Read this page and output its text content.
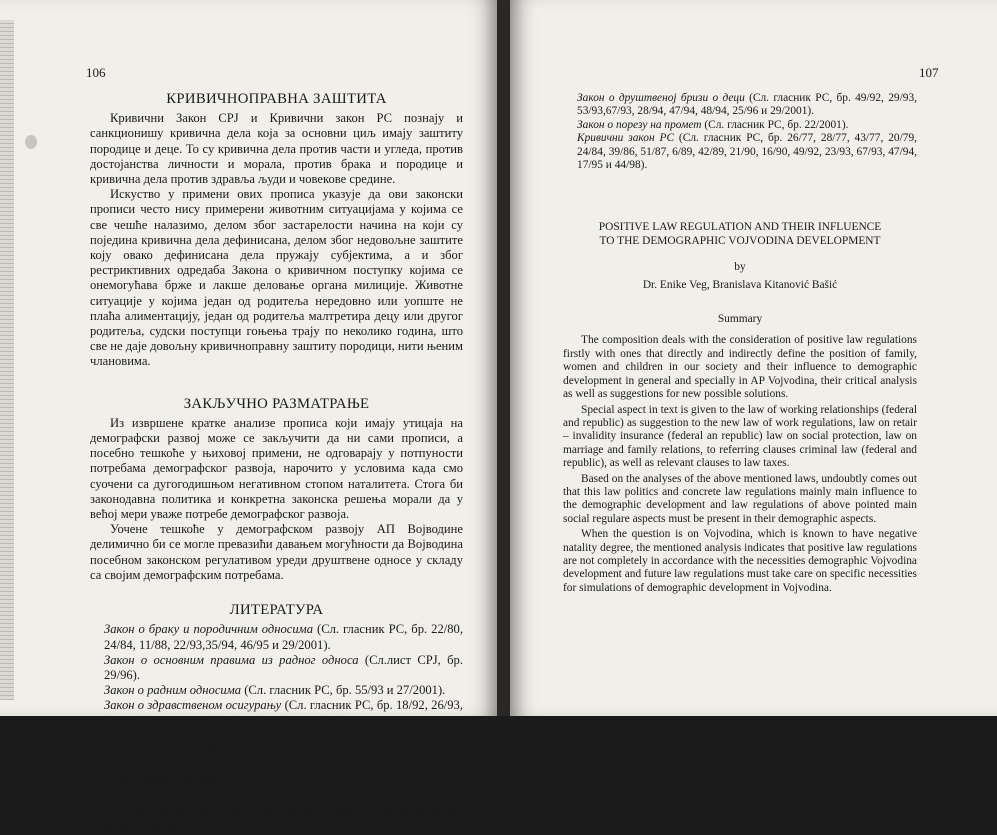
106
КРИВИЧНОПРАВНА ЗАШТИТА

Кривични Закон СРЈ и Кривични закон РС познају и санкционишу кривична дела која за основни циљ имају заштиту породице и деце. То су кривична дела против части и угледа, против достојанства личности и морала, против брака и породице и кривична дела против здравља људи и човекове средине.

Искуство у примени ових прописа указује да ови законски прописи често нису примерени животним ситуацијама у којима се све чешће налазимо, делом због застарелости начина на који су поједина кривична дела дефинисана, делом због недовољне заштите коју овако дефинисана дела пружају субјектима, а и због рестриктивних одредаба Закона о кривичном поступку којима се онемогућава брже и лакше деловање органа милиције. Животне ситуације у којима један од родитеља нередовно или уопште не плаћа алиментацију, један од родитеља малтретира децу или другог родитеља, судски поступци гоњења трају по неколико година, што све не даје довољну кривичноправну заштиту породици, нити њеним члановима.

ЗАКЉУЧНО РАЗМАТРАЊЕ

Из извршене кратке анализе прописа који имају утицаја на демографски развој може се закључити да ни сами прописи, а посебно тешкоће у њиховој примени, не одговарају у потпуности потребама демографског развоја, нарочито у условима када смо суочени са дугогодишњом негативном стопом наталитета. Стога би законодавна политика и конкретна законска решења морали да у већој мери уваже потребе демографског развоја.

Уочене тешкоће у демографском развоју АП Војводине делимично би се могле превазићи давањем могућности да Војводина посебном законском регулативом уреди друштвене односе у складу са својим демографским потребама.

ЛИТЕРАТУРА

Закон о браку и породичним односима (Сл. гласник РС, бр. 22/80, 24/84, 11/88, 22/93,35/94, 46/95 и 29/2001).

Закон о основним правима из радног односа (Сл.лист СРЈ, бр. 29/96).

Закон о радним односима (Сл. гласник РС, бр. 55/93 и 27/2001).

Закон о здравственом осигурању (Сл. гласник РС, бр. 18/92, 26/93, 53/93, 67/93, 48/94, 25/96, 44/98, 54/99 и 29/2001).

Закон о основама пензијског и инвалидског осигурања (Сл. лист СРЈ, бр. 30/96 и 58/98).

Закон о пензијском и инвалидском осигурању (Сл. гласник РС, бр. 52/96, 46/98 и 29/2001).

Закон о запошљавању и остваривању права незапослених лица (Сл. гласник РС, бр. 22/92, 73/92, 82/92 и 53/93, 67/93,34/94, 52/96, 46/98 и 39/2001).

107

Закон о друштвеној бризи о деци (Сл. гласник РС, бр. 49/92, 29/93, 53/93,67/93, 28/94, 47/94, 48/94, 25/96 и 29/2001).

Закон о порезу на промет (Сл. гласник РС, бр. 22/2001).

Кривични закон РС (Сл. гласник РС, бр. 26/77, 28/77, 43/77, 20/79, 24/84, 39/86, 51/87, 6/89, 42/89, 21/90, 16/90, 49/92, 23/93, 67/93, 47/94, 17/95 и 44/98).

POSITIVE LAW REGULATION AND THEIR INFLUENCE
TO THE DEMOGRAPHIC VOJVODINA DEVELOPMENT
by
Dr. Enike Veg, Branislava Kitanović Bašić
Summary

The composition deals with the consideration of positive law regulations firstly with ones that directly and indirectly define the position of family, women and children in our society and their influence to demographic development in general and specially in AP Vojvodina, their critical analysis as well as suggestions for new possible solutions.

Special aspect in text is given to the law of working relationships (federal and republic) as suggestion to the new law of work regulations, law on retair – invalidity insurance (federal an republic) law on social protection, law on marriage and family relations, to referring clauses criminal law (federal and republic), as well as relevant clauses to law taxes.

Based on the analyses of the above mentioned laws, undoubtly comes out that this law politics and concrete law regulations mainly main influence to the demographic development and law regulations of above pointed main social regulare aspects must be present in their demographic aspects.

When the question is on Vojvodina, which is known to have negative natality degree, the mentioned analysis indicates that positive law regulations are not completely in accordance with the necessities demographic Vojvodina development and future law regulations must take care on specific necessities for simulations of demographic development in Vojvodina.
